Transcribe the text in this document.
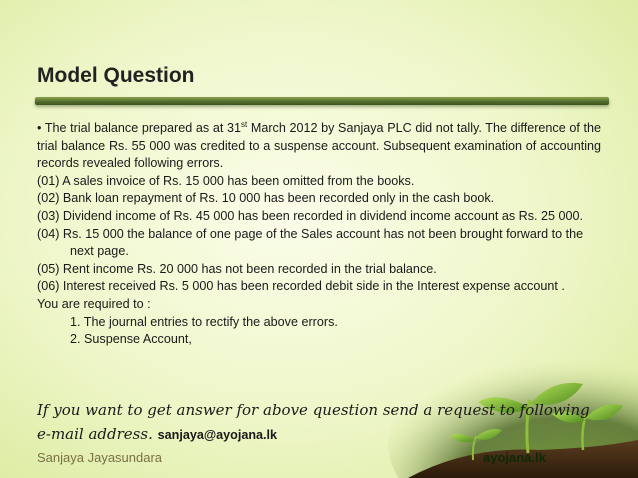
Model Question
• The trial balance prepared as at 31st March 2012 by Sanjaya PLC did not tally. The difference of the trial balance Rs. 55 000 was credited to a suspense account. Subsequent examination of accounting records revealed following errors.
(01) A sales invoice of Rs. 15 000 has been omitted from the books.
(02) Bank loan repayment of Rs. 10 000 has been recorded only in the cash book.
(03) Dividend income of Rs. 45 000 has been recorded in dividend income account as Rs. 25 000.
(04) Rs. 15 000 the balance of one page of the Sales account has not been brought forward to the next page.
(05) Rent income Rs. 20 000 has not been recorded in the trial balance.
(06) Interest received Rs. 5 000 has been recorded debit side in the Interest expense account .
You are required to :
1. The journal entries to rectify the above errors.
2. Suspense Account,
If you want to get answer for above question send a request to following
e-mail address. sanjaya@ayojana.lk
Sanjaya Jayasundara	ayojana.lk
